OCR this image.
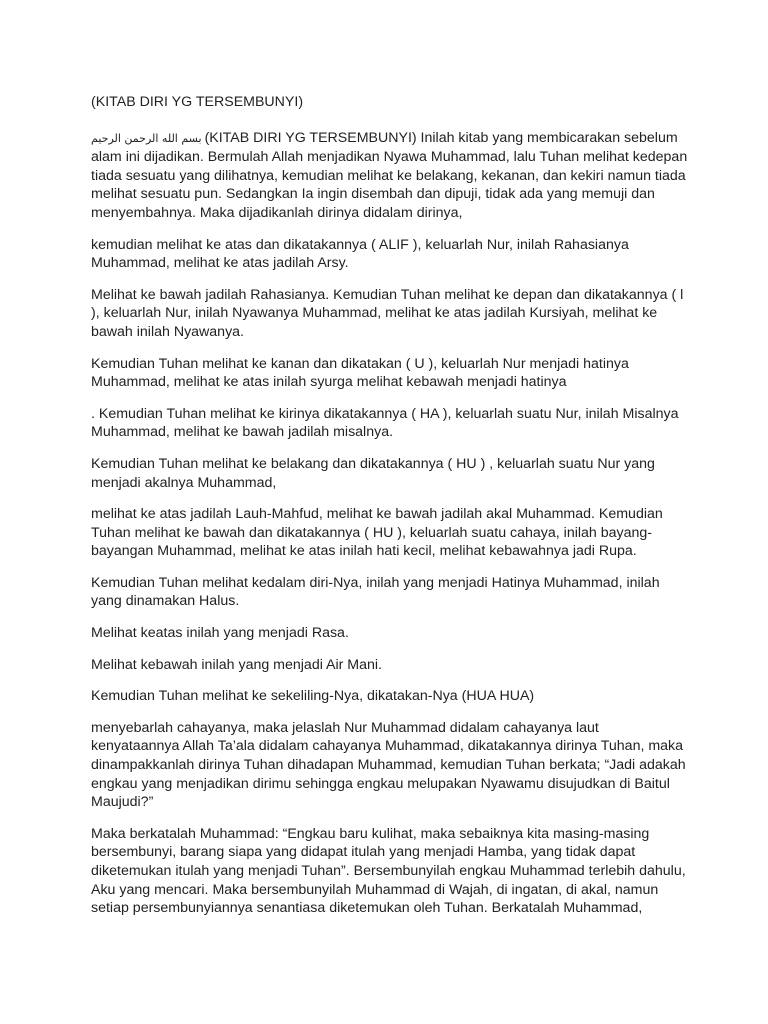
(KITAB DIRI YG TERSEMBUNYI)

بسم الله الرحمن الرحيم (KITAB DIRI YG TERSEMBUNYI) Inilah kitab yang membicarakan sebelum alam ini dijadikan. Bermulah Allah menjadikan Nyawa Muhammad, lalu Tuhan melihat kedepan tiada sesuatu yang dilihatnya, kemudian melihat ke belakang, kekanan, dan kekiri namun tiada melihat sesuatu pun. Sedangkan Ia ingin disembah dan dipuji, tidak ada yang memuji dan menyembahnya. Maka dijadikanlah dirinya didalam dirinya,

kemudian melihat ke atas dan dikatakannya ( ALIF ), keluarlah Nur, inilah Rahasianya Muhammad, melihat ke atas jadilah Arsy.

Melihat ke bawah jadilah Rahasianya. Kemudian Tuhan melihat ke depan dan dikatakannya ( l ), keluarlah Nur, inilah Nyawanya Muhammad, melihat ke atas jadilah Kursiyah, melihat ke bawah inilah Nyawanya.

Kemudian Tuhan melihat ke kanan dan dikatakan ( U ), keluarlah Nur menjadi hatinya Muhammad, melihat ke atas inilah syurga melihat kebawah menjadi hatinya

. Kemudian Tuhan melihat ke kirinya dikatakannya ( HA ), keluarlah suatu Nur, inilah Misalnya Muhammad, melihat ke bawah jadilah misalnya.

Kemudian Tuhan melihat ke belakang dan dikatakannya ( HU ) , keluarlah suatu Nur yang menjadi akalnya Muhammad,

melihat ke atas jadilah Lauh-Mahfud, melihat ke bawah jadilah akal Muhammad. Kemudian Tuhan melihat ke bawah dan dikatakannya ( HU ), keluarlah suatu cahaya, inilah bayang-bayangan Muhammad, melihat ke atas inilah hati kecil, melihat kebawahnya jadi Rupa.

Kemudian Tuhan melihat kedalam diri-Nya, inilah yang menjadi Hatinya Muhammad, inilah yang dinamakan Halus.

Melihat keatas inilah yang menjadi Rasa.

Melihat kebawah inilah yang menjadi Air Mani.

Kemudian Tuhan melihat ke sekeliling-Nya, dikatakan-Nya (HUA HUA)

menyebarlah cahayanya, maka jelaslah Nur Muhammad didalam cahayanya laut kenyataannya Allah Ta’ala didalam cahayanya Muhammad, dikatakannya dirinya Tuhan, maka dinampakkanlah dirinya Tuhan dihadapan Muhammad, kemudian Tuhan berkata; “Jadi adakah engkau yang menjadikan dirimu sehingga engkau melupakan Nyawamu disujudkan di Baitul Maujudi?”

Maka berkatalah Muhammad: “Engkau baru kulihat, maka sebaiknya kita masing-masing bersembunyi, barang siapa yang didapat itulah yang menjadi Hamba, yang tidak dapat diketemukan itulah yang menjadi Tuhan”. Bersembunyilah engkau Muhammad terlebih dahulu, Aku yang mencari. Maka bersembunyilah Muhammad di Wajah, di ingatan, di akal, namun setiap persembunyiannya senantiasa diketemukan oleh Tuhan. Berkatalah Muhammad,
